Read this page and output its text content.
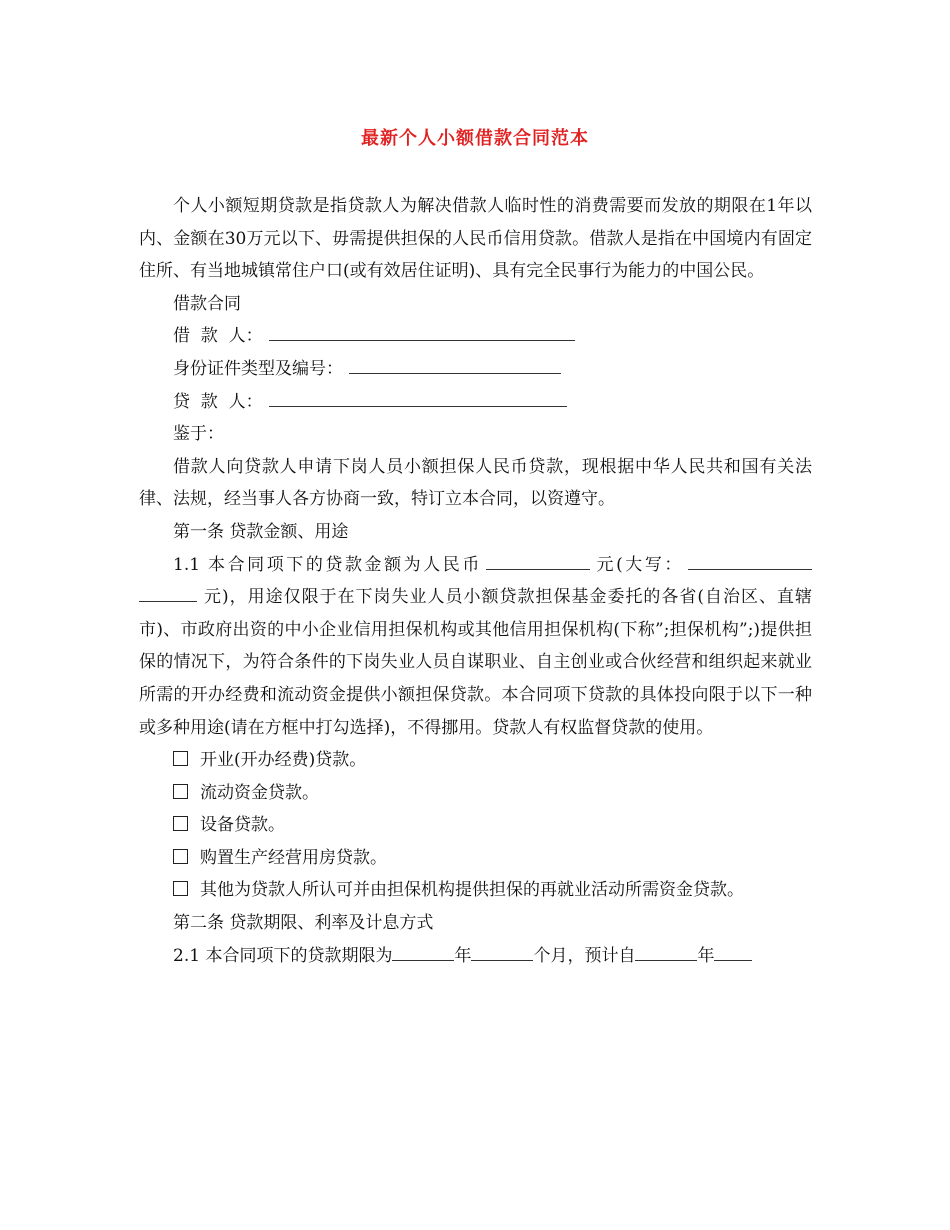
最新个人小额借款合同范本

个人小额短期贷款是指贷款人为解决借款人临时性的消费需要而发放的期限在1年以内、金额在30万元以下、毋需提供担保的人民币信用贷款。借款人是指在中国境内有固定住所、有当地城镇常住户口(或有效居住证明)、具有完全民事行为能力的中国公民。

借款合同

借  款  人：

身份证件类型及编号：

贷  款  人：

鉴于：

借款人向贷款人申请下岗人员小额担保人民币贷款，现根据中华人民共和国有关法律、法规，经当事人各方协商一致，特订立本合同，以资遵守。

第一条 贷款金额、用途

1.1 本合同项下的贷款金额为人民币	元(大写：元)，用途仅限于在下岗失业人员小额贷款担保基金委托的各省(自治区、直辖市)、市政府出资的中小企业信用担保机构或其他信用担保机构(下称”;担保机构”;)提供担保的情况下，为符合条件的下岗失业人员自谋职业、自主创业或合伙经营和组织起来就业所需的开办经费和流动资金提供小额担保贷款。本合同项下贷款的具体投向限于以下一种或多种用途(请在方框中打勾选择)，不得挪用。贷款人有权监督贷款的使用。

开业(开办经费)贷款。

流动资金贷款。

设备贷款。

购置生产经营用房贷款。

其他为贷款人所认可并由担保机构提供担保的再就业活动所需资金贷款。

第二条 贷款期限、利率及计息方式

2.1 本合同项下的贷款期限为	年	个月，预计自	年
